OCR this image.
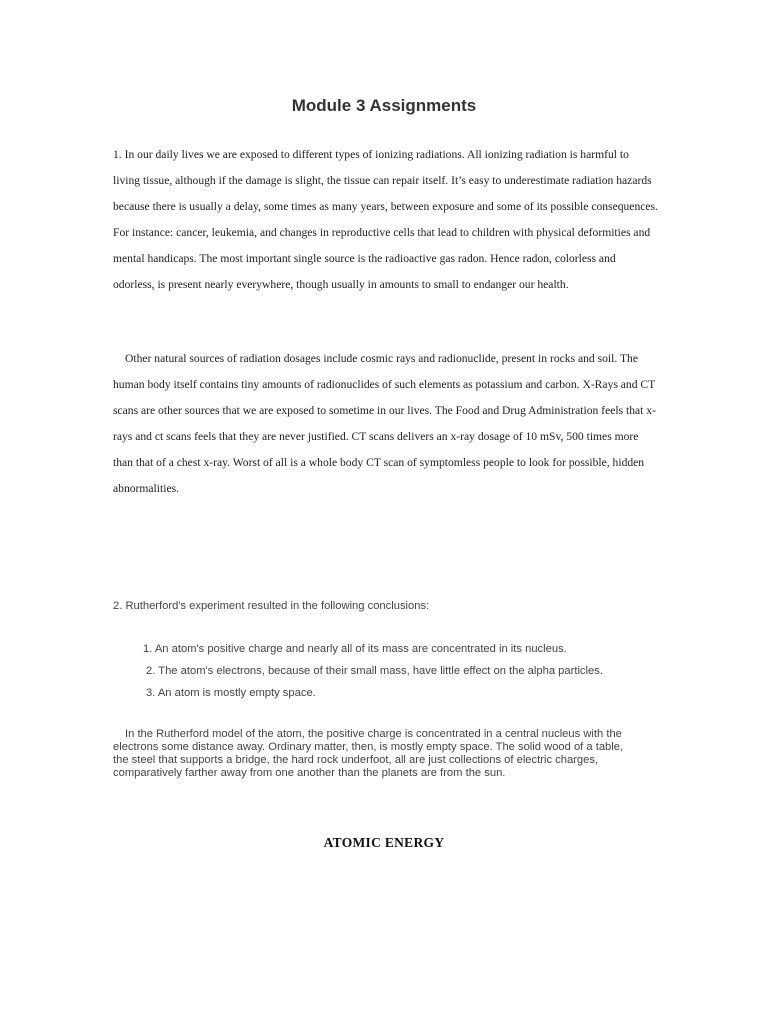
Module 3 Assignments

1. In our daily lives we are exposed to different types of ionizing radiations. All ionizing radiation is harmful to living tissue, although if the damage is slight, the tissue can repair itself. It’s easy to underestimate radiation hazards because there is usually a delay, some times as many years, between exposure and some of its possible consequences. For instance: cancer, leukemia, and changes in reproductive cells that lead to children with physical deformities and mental handicaps. The most important single source is the radioactive gas radon. Hence radon, colorless and odorless, is present nearly everywhere, though usually in amounts to small to endanger our health.

Other natural sources of radiation dosages include cosmic rays and radionuclide, present in rocks and soil. The human body itself contains tiny amounts of radionuclides of such elements as potassium and carbon. X-Rays and CT scans are other sources that we are exposed to sometime in our lives. The Food and Drug Administration feels that x-rays and ct scans feels that they are never justified. CT scans delivers an x-ray dosage of 10 mSv, 500 times more than that of a chest x-ray. Worst of all is a whole body CT scan of symptomless people to look for possible, hidden abnormalities.

2. Rutherford's experiment resulted in the following conclusions:

1. An atom's positive charge and nearly all of its mass are concentrated in its nucleus.
2. The atom's electrons, because of their small mass, have little effect on the alpha particles.
3. An atom is mostly empty space.

In the Rutherford model of the atom, the positive charge is concentrated in a central nucleus with the electrons some distance away. Ordinary matter, then, is mostly empty space. The solid wood of a table, the steel that supports a bridge, the hard rock underfoot, all are just collections of electric charges, comparatively farther away from one another than the planets are from the sun.

ATOMIC ENERGY
